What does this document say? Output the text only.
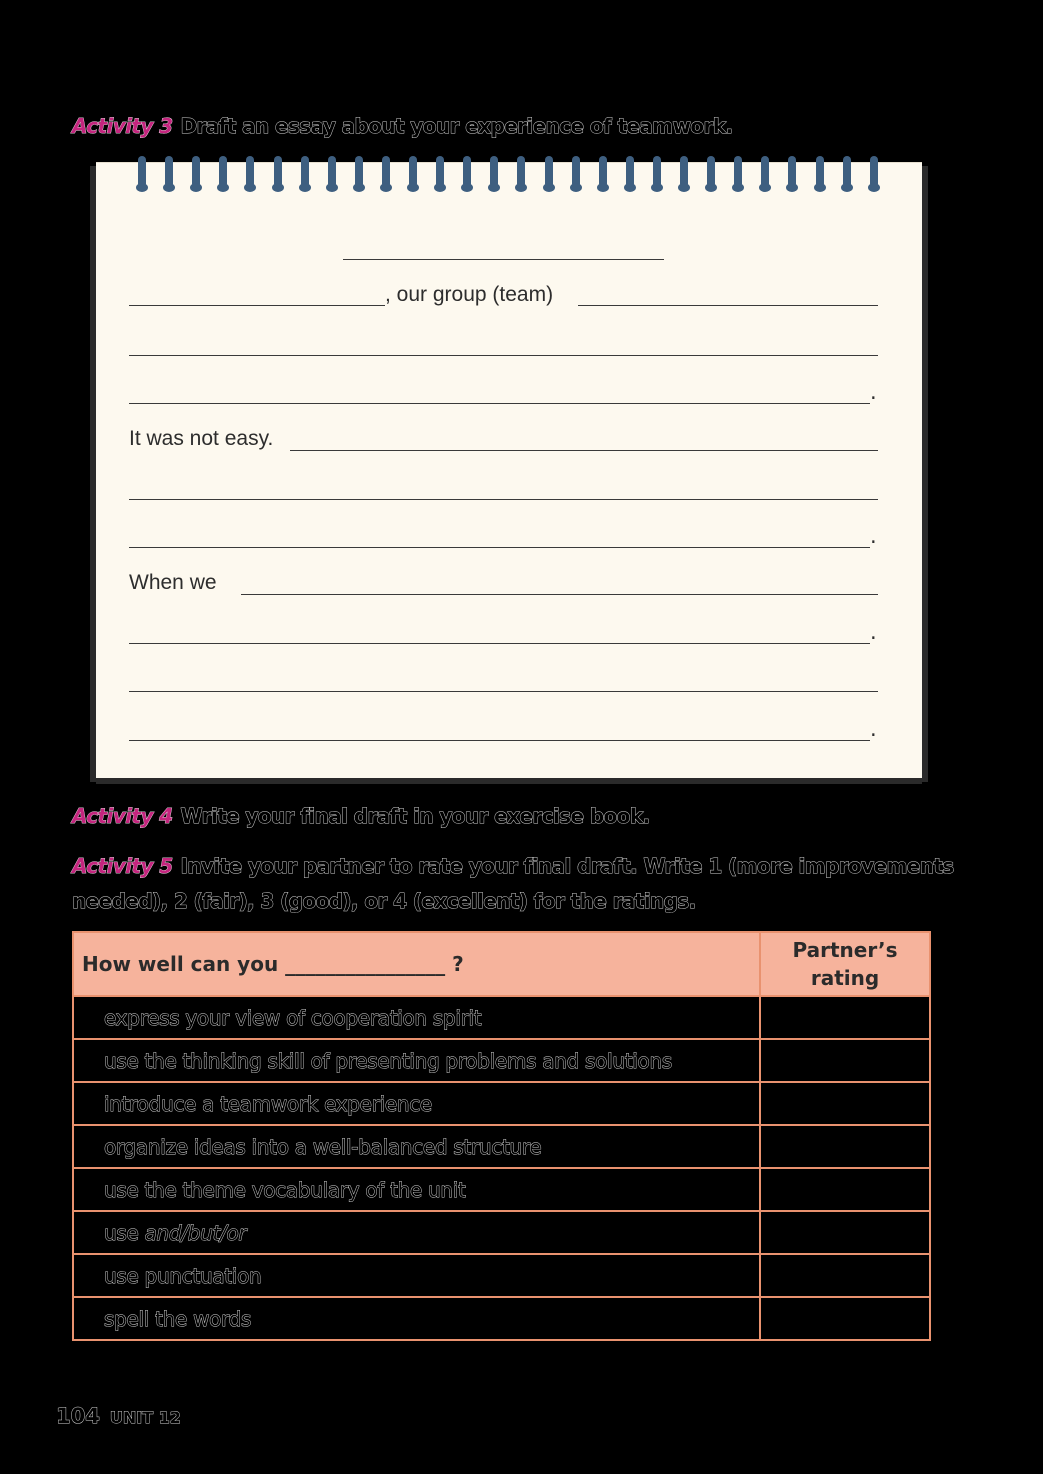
Activity 3 Draft an essay about your experience of teamwork.
, our group (team)
.
It was not easy.
.
When we
.
.
Activity 4 Write your final draft in your exercise book.
Activity 5 Invite your partner to rate your final draft. Write 1 (more improvements
needed), 2 (fair), 3 (good), or 4 (excellent) for the ratings.
How well can you ________________ ?	Partner’s
rating

express your view of cooperation spirit	
use the thinking skill of presenting problems and solutions	
introduce a teamwork experience	
organize ideas into a well-balanced structure	
use the theme vocabulary of the unit	
use and/but/or	
use punctuation	
spell the words	
104 UNIT 12
